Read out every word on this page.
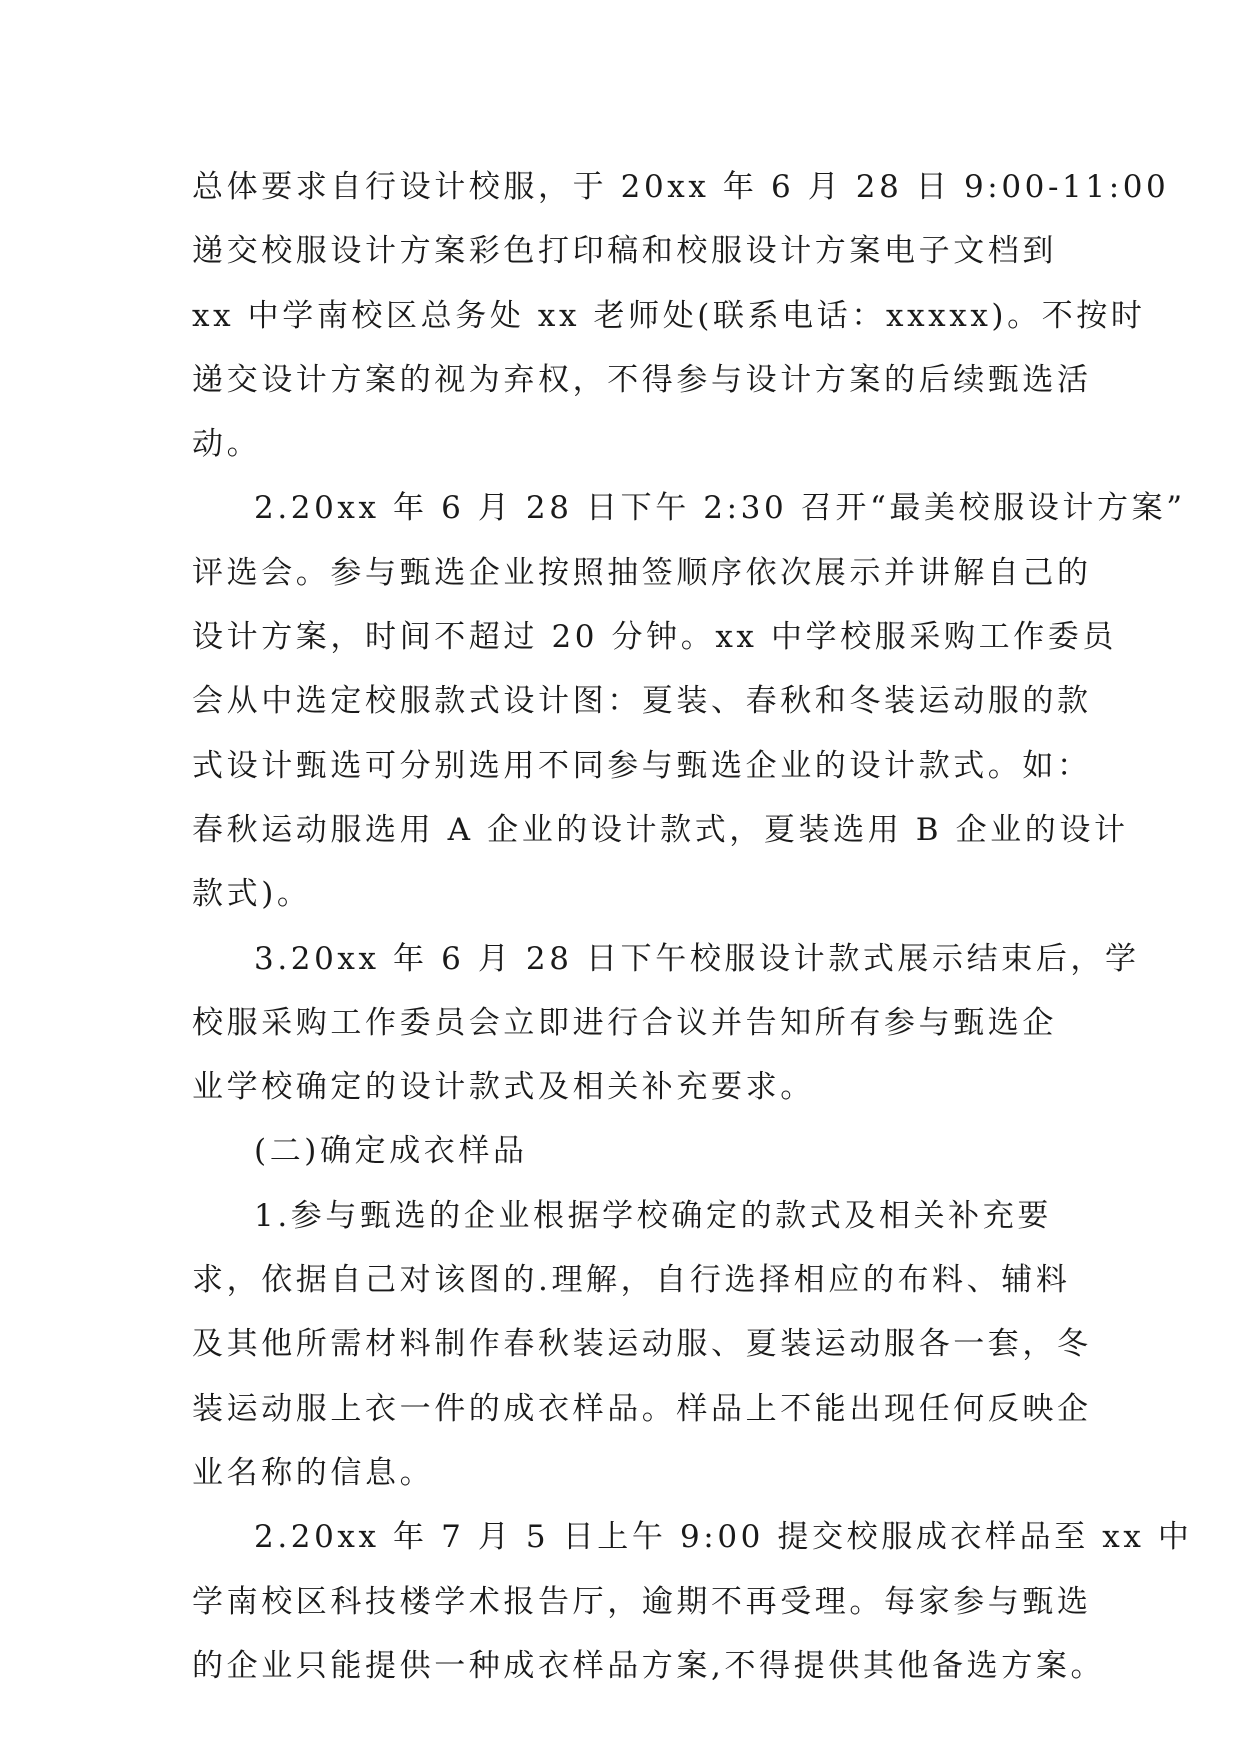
总体要求自行设计校服，于 20xx 年 6 月 28 日 9:00-11:00
递交校服设计方案彩色打印稿和校服设计方案电子文档到
xx 中学南校区总务处 xx 老师处(联系电话：xxxxx)。不按时
递交设计方案的视为弃权，不得参与设计方案的后续甄选活
动。
2.20xx 年 6 月 28 日下午 2:30 召开“最美校服设计方案”
评选会。参与甄选企业按照抽签顺序依次展示并讲解自己的
设计方案，时间不超过 20 分钟。xx 中学校服采购工作委员
会从中选定校服款式设计图：夏装、春秋和冬装运动服的款
式设计甄选可分别选用不同参与甄选企业的设计款式。如：
春秋运动服选用 A 企业的设计款式，夏装选用 B 企业的设计
款式)。
3.20xx 年 6 月 28 日下午校服设计款式展示结束后，学
校服采购工作委员会立即进行合议并告知所有参与甄选企
业学校确定的设计款式及相关补充要求。
(二)确定成衣样品
1.参与甄选的企业根据学校确定的款式及相关补充要
求，依据自己对该图的.理解，自行选择相应的布料、辅料
及其他所需材料制作春秋装运动服、夏装运动服各一套，冬
装运动服上衣一件的成衣样品。样品上不能出现任何反映企
业名称的信息。
2.20xx 年 7 月 5 日上午 9:00 提交校服成衣样品至 xx 中
学南校区科技楼学术报告厅，逾期不再受理。每家参与甄选
的企业只能提供一种成衣样品方案,不得提供其他备选方案。
